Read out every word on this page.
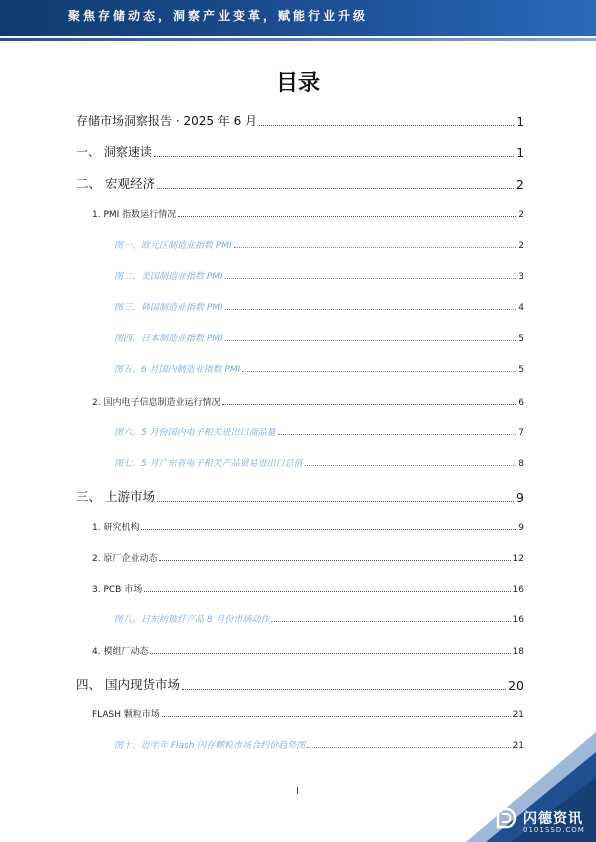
聚焦存储动态，洞察产业变革，赋能行业升级
目录
存储市场洞察报告 · 2025 年 6 月	1
一、 洞察速读	1
二、 宏观经济	2
1. PMI 指数运行情况	2
图一、欧元区制造业指数 PMI	2
图二、美国制造业指数 PMI	3
图三、韩国制造业指数 PMI	4
图四、日本制造业指数 PMI	5
图五、6 月国内制造业指数 PMI	5
2. 国内电子信息制造业运行情况	6
图六、5 月份国内电子相关进出口商品量	7
图七、5 月广东省电子相关产品贸易进出口总值	8
三、 上游市场	9
1. 研究机构	9
2. 原厂企业动态	12
3. PCB 市场	16
图八、日东纺玻纤产品 8 月份市场动作	16
4. 模组厂动态	18
四、 国内现货市场	20
FLASH 颗粒市场	21
图十、近半年 Flash 闪存颗粒市场合约价趋势图	21
I
闪德资讯
0101SSD.COM
